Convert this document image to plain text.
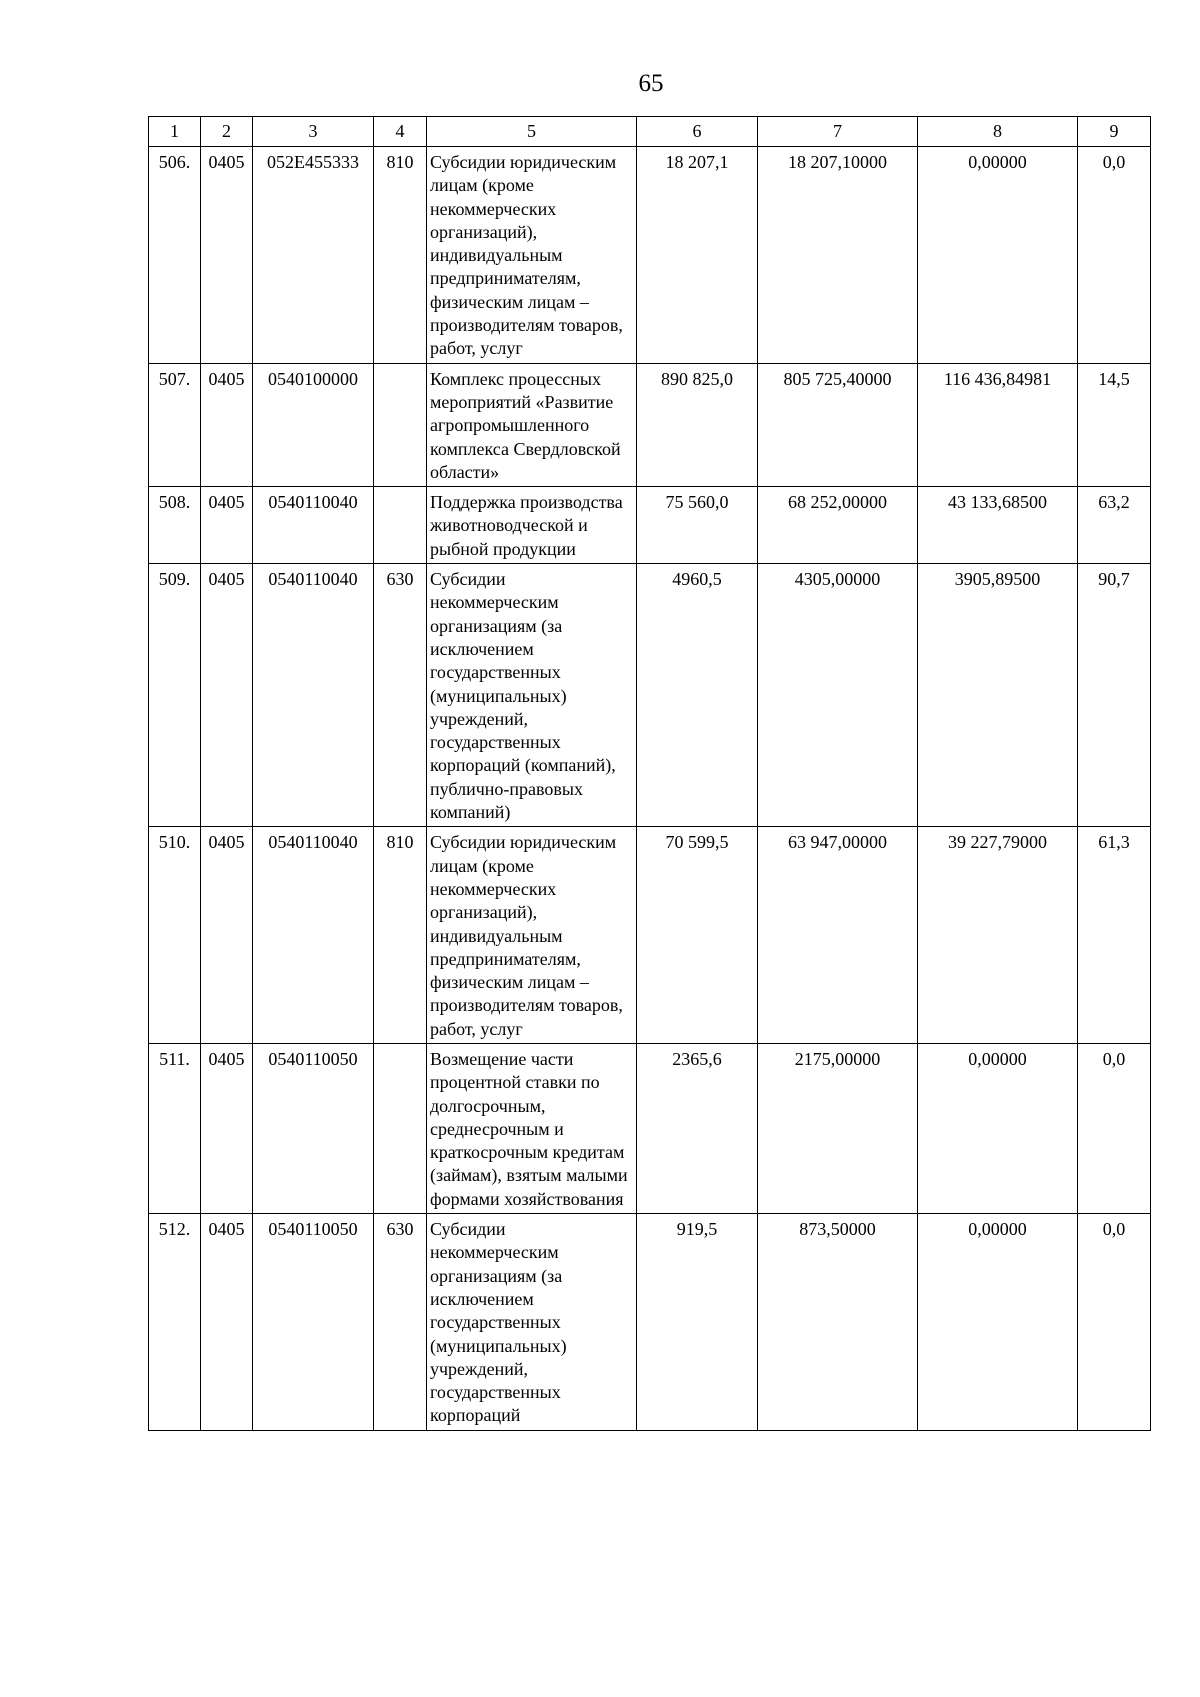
65
1	2	3	4	5	6	7	8	9
506.	0405	052E455333	810	Субсидии юридическим лицам (кроме некоммерческих организаций), индивидуальным предпринимателям, физическим лицам – производителям товаров, работ, услуг	18 207,1	18 207,10000	0,00000	0,0
507.	0405	0540100000		Комплекс процессных мероприятий «Развитие агропромышленного комплекса Свердловской области»	890 825,0	805 725,40000	116 436,84981	14,5
508.	0405	0540110040		Поддержка производства животноводческой и рыбной продукции	75 560,0	68 252,00000	43 133,68500	63,2
509.	0405	0540110040	630	Субсидии некоммерческим организациям (за исключением государственных (муниципальных) учреждений, государственных корпораций (компаний), публично-правовых компаний)	4960,5	4305,00000	3905,89500	90,7
510.	0405	0540110040	810	Субсидии юридическим лицам (кроме некоммерческих организаций), индивидуальным предпринимателям, физическим лицам – производителям товаров, работ, услуг	70 599,5	63 947,00000	39 227,79000	61,3
511.	0405	0540110050		Возмещение части процентной ставки по долгосрочным, среднесрочным и краткосрочным кредитам (займам), взятым малыми формами хозяйствования	2365,6	2175,00000	0,00000	0,0
512.	0405	0540110050	630	Субсидии некоммерческим организациям (за исключением государственных (муниципальных) учреждений, государственных корпораций	919,5	873,50000	0,00000	0,0
